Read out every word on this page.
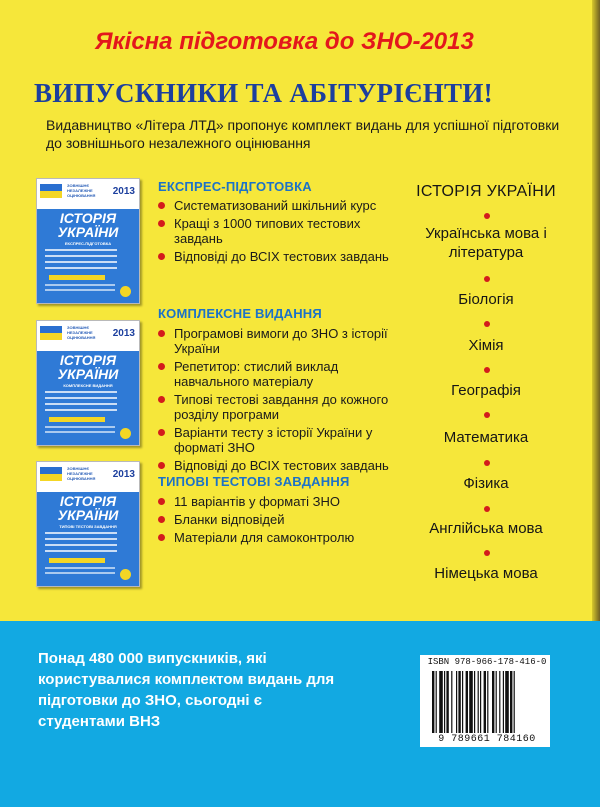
Якісна підготовка до ЗНО-2013
ВИПУСКНИКИ ТА АБІТУРІЄНТИ!
Видавництво «Літера ЛТД» пропонує комплект видань для успішної підготовки до зовнішнього незалежного оцінювання
ЗОВНІШНЄ НЕЗАЛЕЖНЕ ОЦІНЮВАННЯ	2013
ІСТОРІЯ УКРАЇНИ
ЕКСПРЕС-ПІДГОТОВКА
ЗОВНІШНЄ НЕЗАЛЕЖНЕ ОЦІНЮВАННЯ	2013
ІСТОРІЯ УКРАЇНИ
КОМПЛЕКСНЕ ВИДАННЯ
ЗОВНІШНЄ НЕЗАЛЕЖНЕ ОЦІНЮВАННЯ	2013
ІСТОРІЯ УКРАЇНИ
ТИПОВІ ТЕСТОВІ ЗАВДАННЯ
ЕКСПРЕС-ПІДГОТОВКА
Систематизований шкільний курс
Кращі з 1000 типових тестових завдань
Відповіді до ВСІХ тестових завдань
КОМПЛЕКСНЕ ВИДАННЯ
Програмові вимоги до ЗНО з історії України
Репетитор: стислий виклад навчального матеріалу
Типові тестові завдання до кожного розділу програми
Варіанти тесту з історії України у форматі ЗНО
Відповіді до ВСІХ тестових завдань
ТИПОВІ ТЕСТОВІ ЗАВДАННЯ
11 варіантів у форматі ЗНО
Бланки відповідей
Матеріали для самоконтролю
ІСТОРІЯ УКРАЇНИ
Українська мова і література
Біологія
Хімія
Географія
Математика
Фізика
Англійська мова
Німецька мова
Понад 480 000 випускників, які користувалися комплектом видань для підготовки до ЗНО, сьогодні є студентами ВНЗ
ISBN 978-966-178-416-0
9 789661 784160
